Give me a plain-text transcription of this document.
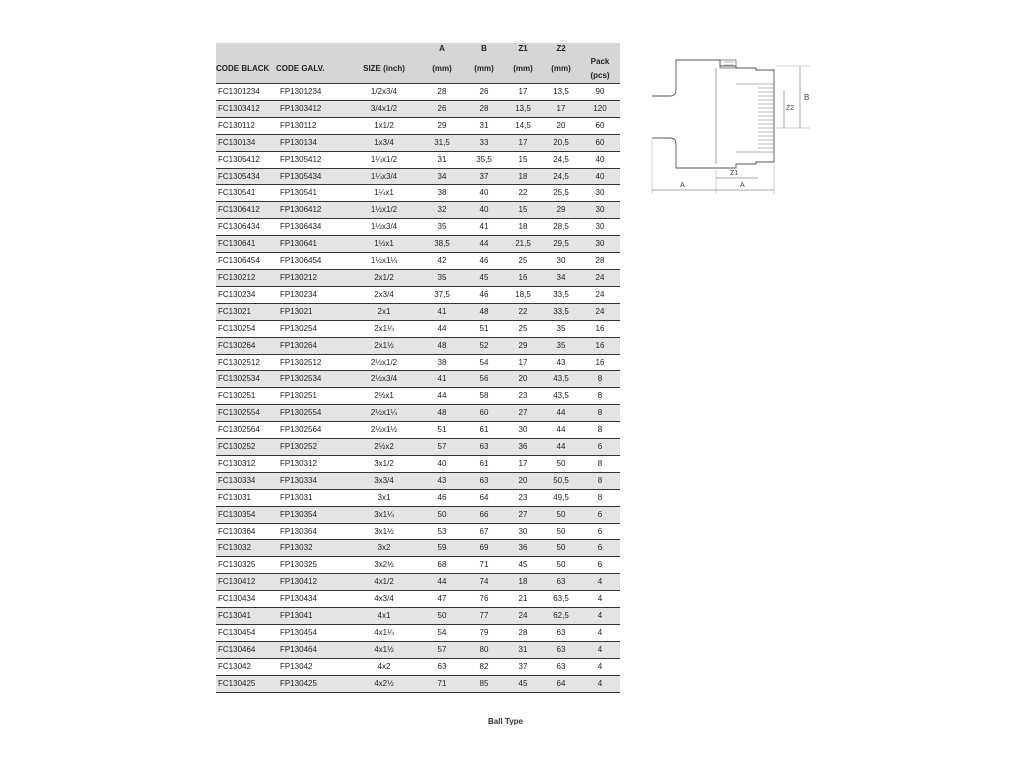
			A	B	Z1	Z2	
CODE BLACK	CODE GALV.	SIZE (inch)	(mm)	(mm)	(mm)	(mm)	Pack (pcs)
FC1301234	FP1301234	1/2x3/4	28	26	17	13,5	90
FC1303412	FP1303412	3/4x1/2	26	28	13,5	17	120
FC130112	FP130112	1x1/2	29	31	14,5	20	60
FC130134	FP130134	1x3/4	31,5	33	17	20,5	60
FC1305412	FP1305412	1¼x1/2	31	35,5	15	24,5	40
FC1305434	FP1305434	1¼x3/4	34	37	18	24,5	40
FC130541	FP130541	1¼x1	38	40	22	25,5	30
FC1306412	FP1306412	1½x1/2	32	40	15	29	30
FC1306434	FP1306434	1½x3/4	35	41	18	28,5	30
FC130641	FP130641	1½x1	38,5	44	21,5	29,5	30
FC1306454	FP1306454	1½x1¼	42	46	25	30	28
FC130212	FP130212	2x1/2	35	45	16	34	24
FC130234	FP130234	2x3/4	37,5	46	18,5	33,5	24
FC13021	FP13021	2x1	41	48	22	33,5	24
FC130254	FP130254	2x1¼	44	51	25	35	16
FC130264	FP130264	2x1½	48	52	29	35	16
FC1302512	FP1302512	2½x1/2	38	54	17	43	16
FC1302534	FP1302534	2½x3/4	41	56	20	43,5	8
FC130251	FP130251	2½x1	44	58	23	43,5	8
FC1302554	FP1302554	2½x1¼	48	60	27	44	8
FC1302564	FP1302564	2½x1½	51	61	30	44	8
FC130252	FP130252	2½x2	57	63	36	44	6
FC130312	FP130312	3x1/2	40	61	17	50	8
FC130334	FP130334	3x3/4	43	63	20	50,5	8
FC13031	FP13031	3x1	46	64	23	49,5	8
FC130354	FP130354	3x1¼	50	66	27	50	6
FC130364	FP130364	3x1½	53	67	30	50	6
FC13032	FP13032	3x2	59	69	36	50	6
FC130325	FP130325	3x2½	68	71	45	50	6
FC130412	FP130412	4x1/2	44	74	18	63	4
FC130434	FP130434	4x3/4	47	76	21	63,5	4
FC13041	FP13041	4x1	50	77	24	62,5	4
FC130454	FP130454	4x1¼	54	79	28	63	4
FC130464	FP130464	4x1½	57	80	31	63	4
FC13042	FP13042	4x2	63	82	37	63	4
FC130425	FP130425	4x2½	71	85	45	64	4
Ball Type
B
Z2
Z1
A	A
